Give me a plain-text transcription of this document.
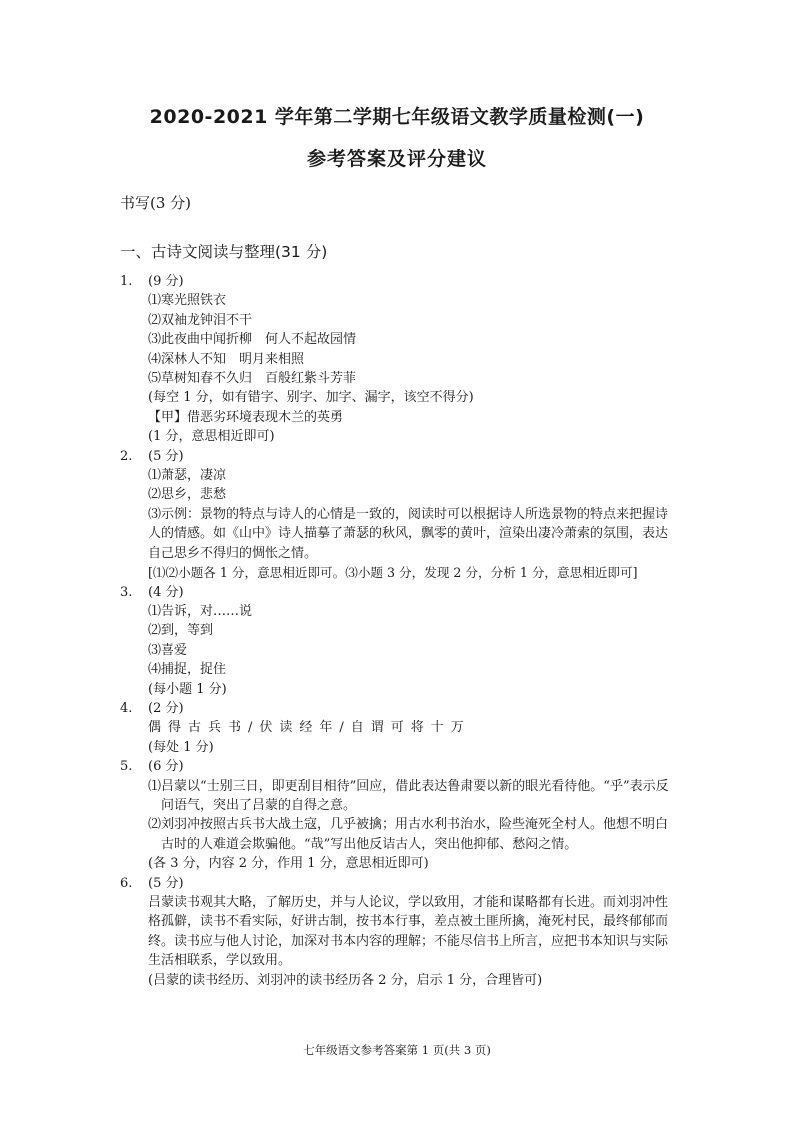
2020-2021 学年第二学期七年级语文教学质量检测(一)
参考答案及评分建议
书写(3 分)
一、古诗文阅读与整理(31 分)
1. (9 分)
⑴寒光照铁衣
⑵双袖龙钟泪不干
⑶此夜曲中闻折柳　何人不起故园情
⑷深林人不知　明月来相照
⑸草树知春不久归　百般红紫斗芳菲
(每空 1 分，如有错字、别字、加字、漏字，该空不得分)
【甲】借恶劣环境表现木兰的英勇
(1 分，意思相近即可)
2. (5 分)
⑴萧瑟，凄凉
⑵思乡，悲愁
⑶示例：景物的特点与诗人的心情是一致的，阅读时可以根据诗人所选景物的特点来把握诗人的情感。如《山中》诗人描摹了萧瑟的秋风，飘零的黄叶，渲染出凄冷萧索的氛围，表达自己思乡不得归的惆怅之情。
[⑴⑵小题各 1 分，意思相近即可。⑶小题 3 分，发现 2 分，分析 1 分，意思相近即可]
3. (4 分)
⑴告诉，对……说
⑵到，等到
⑶喜爱
⑷捕捉，捉住
(每小题 1 分)
4. (2 分)
偶得古兵书/伏读经年/自谓可将十万
(每处 1 分)
5. (6 分)
⑴吕蒙以“士别三日，即更刮目相待”回应，借此表达鲁肃要以新的眼光看待他。“乎”表示反问语气，突出了吕蒙的自得之意。
⑵刘羽冲按照古兵书大战土寇，几乎被擒；用古水利书治水，险些淹死全村人。他想不明白古时的人难道会欺骗他。“哉”写出他反诘古人，突出他抑郁、愁闷之情。
(各 3 分，内容 2 分，作用 1 分，意思相近即可)
6. (5 分)
吕蒙读书观其大略，了解历史，并与人论议，学以致用，才能和谋略都有长进。而刘羽冲性格孤僻，读书不看实际，好讲古制，按书本行事，差点被土匪所擒，淹死村民，最终郁郁而终。读书应与他人讨论，加深对书本内容的理解；不能尽信书上所言，应把书本知识与实际生活相联系，学以致用。
(吕蒙的读书经历、刘羽冲的读书经历各 2 分，启示 1 分，合理皆可)
七年级语文参考答案第 1 页(共 3 页)
